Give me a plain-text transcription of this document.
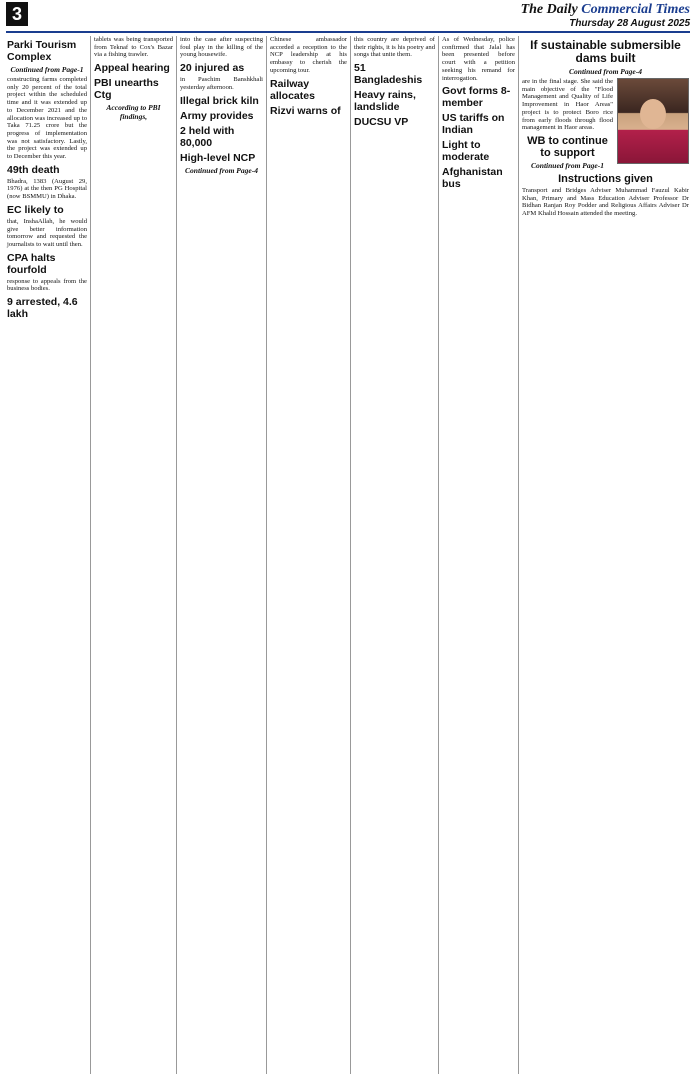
3	The Daily Commercial Times
Thursday 28 August 2025
Parki Tourism Complex
Continued from Page-1

constructing farms completed only 20 percent of the total project within the scheduled time and it was extended up to December 2021 and the allocation was increased up to Taka 71.25 crore but the progress of implementation was not satisfactory. Lastly, the project was extended up to December this year.

49th death

Bhadra, 1383 (August 29, 1976) at the then PG Hospital (now BSMMU) in Dhaka.

EC likely to

that, InshaAllah, he would give better information tomorrow and requested the journalists to wait until then.

CPA halts fourfold

response to appeals from the business bodies.

9 arrested, 4.6 lakh

tablets was being transported from Teknaf to Cox's Bazar via a fishing trawler.

Appeal hearing
PBI unearths Ctg
According to PBI findings,

into the case after suspecting foul play in the killing of the young housewife.

20 injured as

in Paschim Banshkhali yesterday afternoon.

Illegal brick kiln
Army provides
2 held with 80,000
High-level NCP
Continued from Page-4

Chinese ambassador accorded a reception to the NCP leadership at his embassy to cherish the upcoming tour.

Railway allocates
Rizvi warns of

this country are deprived of their rights, it is his poetry and songs that unite them.

51 Bangladeshis
Heavy rains, landslide
DUCSU VP

As of Wednesday, police confirmed that Jalal has been presented before court with a petition seeking his remand for interrogation.

Govt forms 8-member
US tariffs on Indian
Light to moderate
Afghanistan bus

If sustainable submersible dams built
Continued from Page-4

are in the final stage. She said the main objective of the "Flood Management and Quality of Life Improvement in Haor Areas" project is to protect Boro rice from early floods through flood management in Haor areas.

WB to continue to support
Continued from Page-1

Instructions given

Transport and Bridges Adviser Muhammad Fauzul Kabir Khan, Primary and Mass Education Adviser Professor Dr Bidhan Ranjan Roy Podder and Religious Affairs Adviser Dr AFM Khalid Hossain attended the meeting.
